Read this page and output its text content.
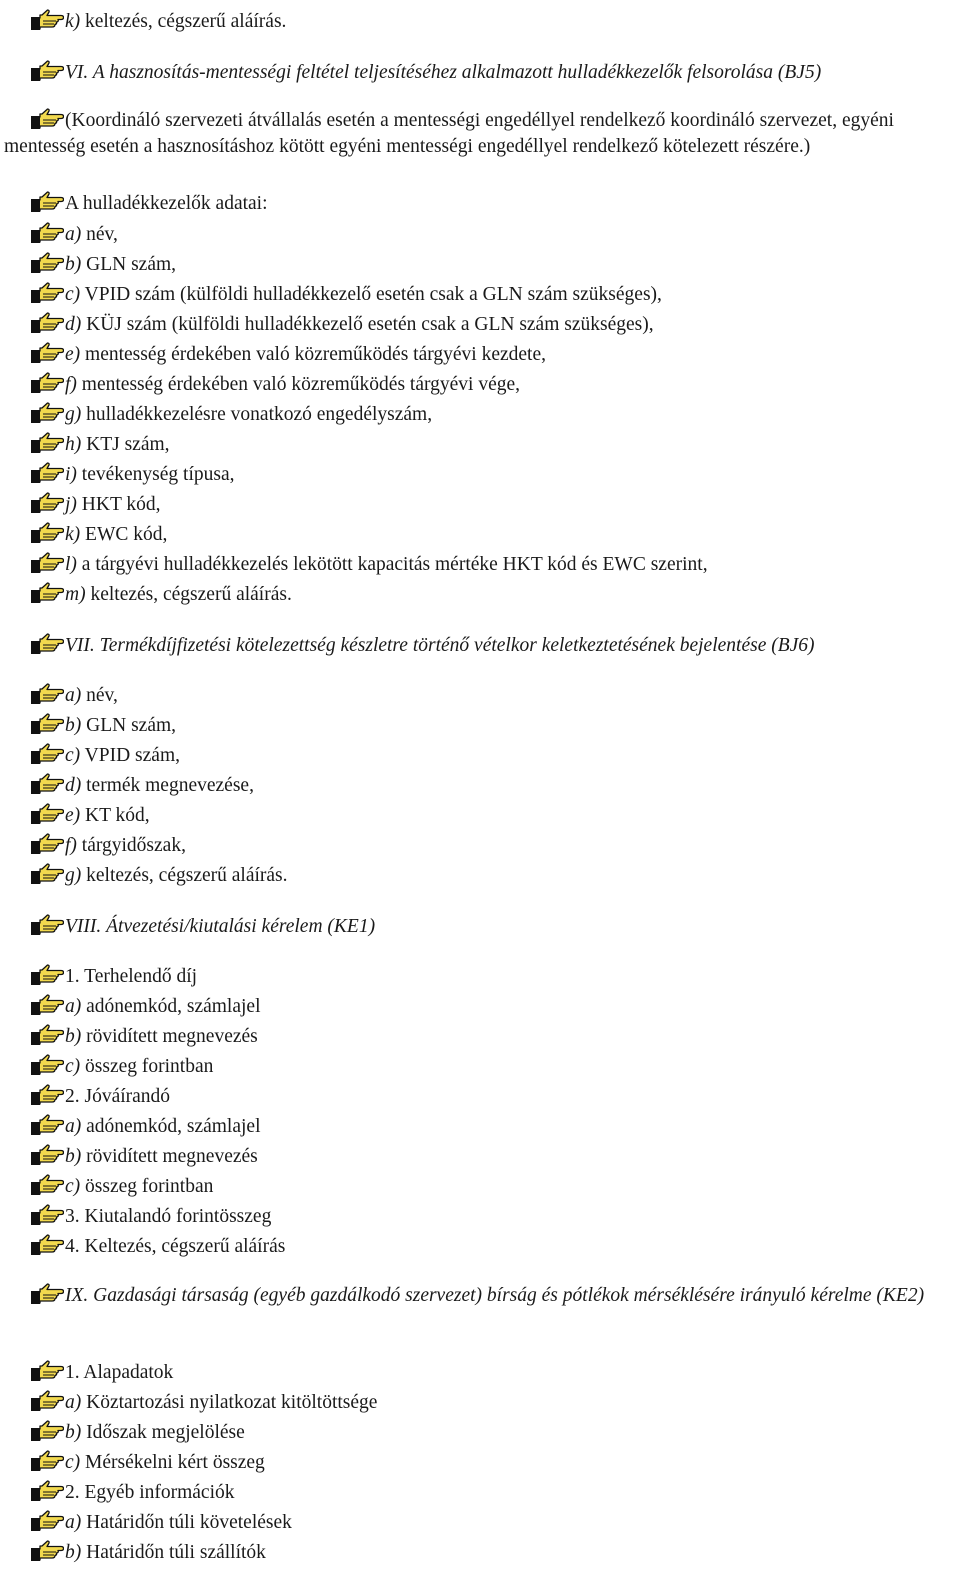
k) keltezés, cégszerű aláírás.
VI. A hasznosítás-mentességi feltétel teljesítéséhez alkalmazott hulladékkezelők felsorolása (BJ5)
(Koordináló szervezeti átvállalás esetén a mentességi engedéllyel rendelkező koordináló szervezet, egyéni mentesség esetén a hasznosításhoz kötött egyéni mentességi engedéllyel rendelkező kötelezett részére.)
A hulladékkezelők adatai:
a) név,
b) GLN szám,
c) VPID szám (külföldi hulladékkezelő esetén csak a GLN szám szükséges),
d) KÜJ szám (külföldi hulladékkezelő esetén csak a GLN szám szükséges),
e) mentesség érdekében való közreműködés tárgyévi kezdete,
f) mentesség érdekében való közreműködés tárgyévi vége,
g) hulladékkezelésre vonatkozó engedélyszám,
h) KTJ szám,
i) tevékenység típusa,
j) HKT kód,
k) EWC kód,
l) a tárgyévi hulladékkezelés lekötött kapacitás mértéke HKT kód és EWC szerint,
m) keltezés, cégszerű aláírás.
VII. Termékdíjfizetési kötelezettség készletre történő vételkor keletkeztetésének bejelentése (BJ6)
a) név,
b) GLN szám,
c) VPID szám,
d) termék megnevezése,
e) KT kód,
f) tárgyidőszak,
g) keltezés, cégszerű aláírás.
VIII. Átvezetési/kiutalási kérelem (KE1)
1. Terhelendő díj
a) adónemkód, számlajel
b) rövidített megnevezés
c) összeg forintban
2. Jóváírandó
a) adónemkód, számlajel
b) rövidített megnevezés
c) összeg forintban
3. Kiutalandó forintösszeg
4. Keltezés, cégszerű aláírás
IX. Gazdasági társaság (egyéb gazdálkodó szervezet) bírság és pótlékok mérséklésére irányuló kérelme (KE2)
1. Alapadatok
a) Köztartozási nyilatkozat kitöltöttsége
b) Időszak megjelölése
c) Mérsékelni kért összeg
2. Egyéb információk
a) Határidőn túli követelések
b) Határidőn túli szállítók
